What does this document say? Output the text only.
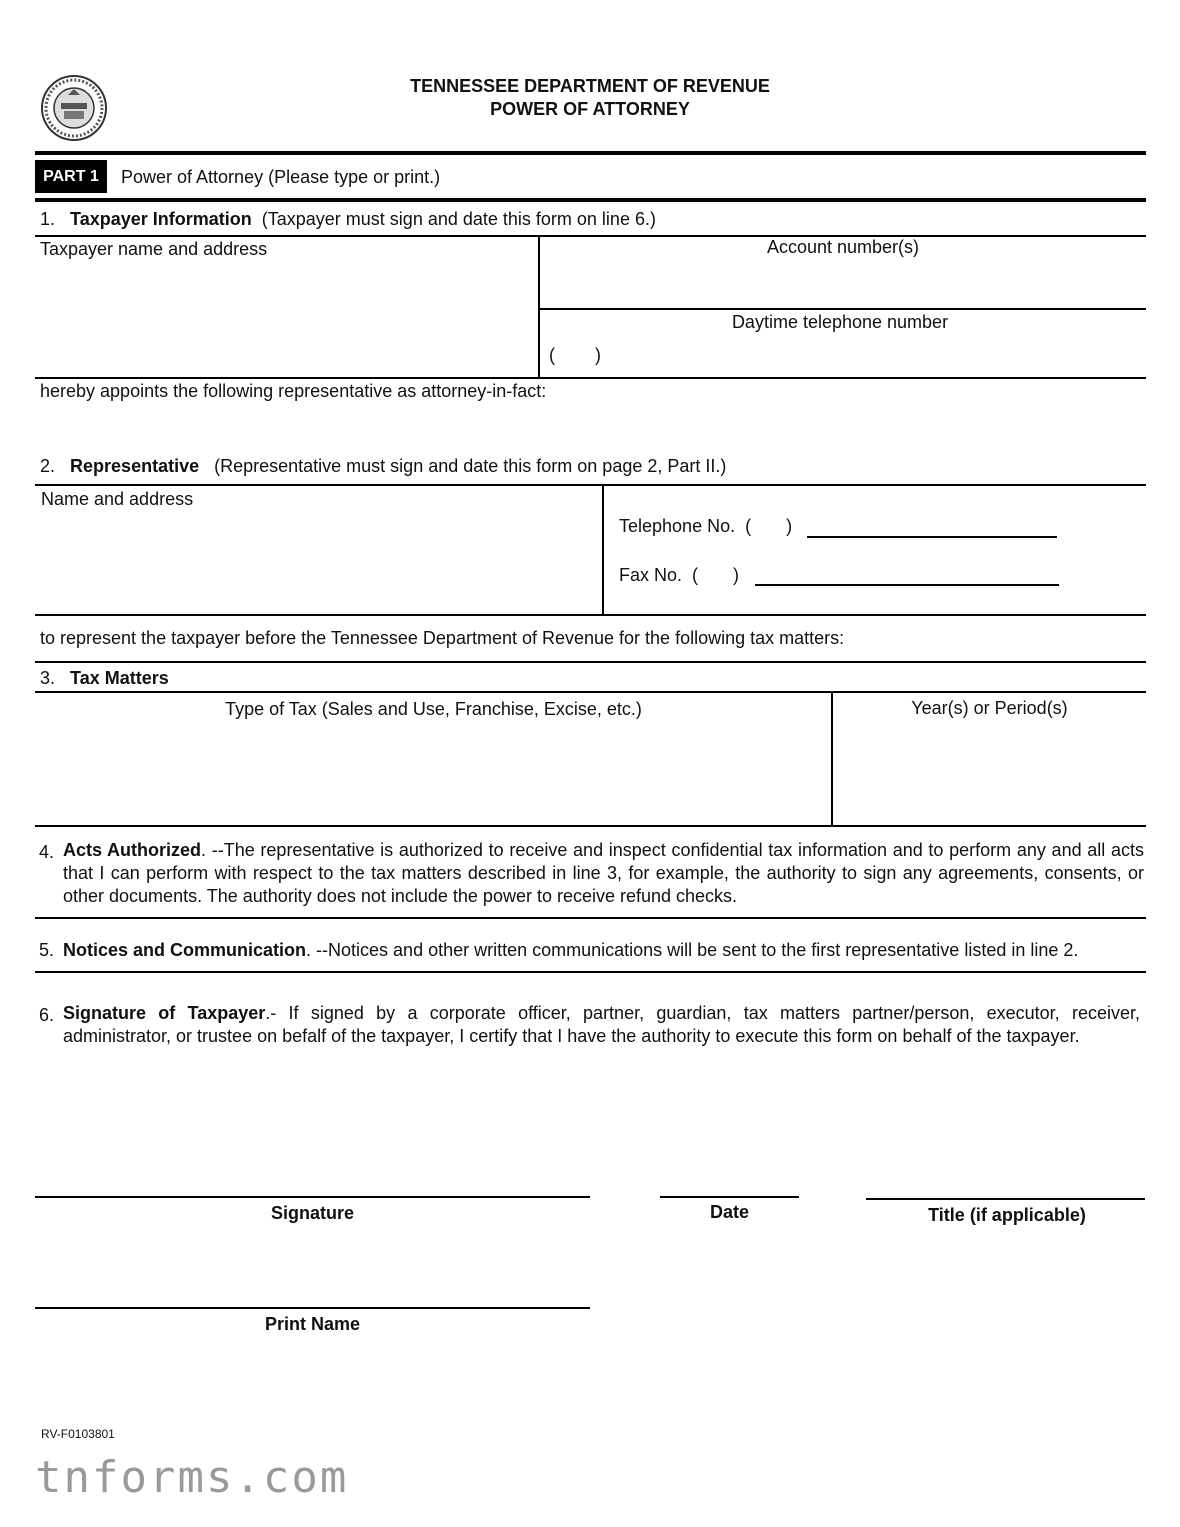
TENNESSEE DEPARTMENT OF REVENUE
POWER OF ATTORNEY
PART 1	Power of Attorney (Please type or print.)
1. Taxpayer Information (Taxpayer must sign and date this form on line 6.)
Taxpayer name and address	Account number(s)
Daytime telephone number
(        )
hereby appoints the following representative as attorney-in-fact:
2. Representative (Representative must sign and date this form on page 2, Part II.)
Name and address
Telephone No. (       )
Fax No. (       )
to represent the taxpayer before the Tennessee Department of Revenue for the following tax matters:
3. Tax Matters
Type of Tax (Sales and Use, Franchise, Excise, etc.)	Year(s) or Period(s)
4. Acts Authorized. --The representative is authorized to receive and inspect confidential tax information and to perform any and all acts that I can perform with respect to the tax matters described in line 3, for example, the authority to sign any agreements, consents, or other documents. The authority does not include the power to receive refund checks.
5. Notices and Communication. --Notices and other written communications will be sent to the first representative listed in line 2.
6. Signature of Taxpayer.- If signed by a corporate officer, partner, guardian, tax matters partner/person, executor, receiver, administrator, or trustee on befalf of the taxpayer, I certify that I have the authority to execute this form on behalf of the taxpayer.
Signature	Date	Title (if applicable)
Print Name
RV-F0103801
tnforms.com
